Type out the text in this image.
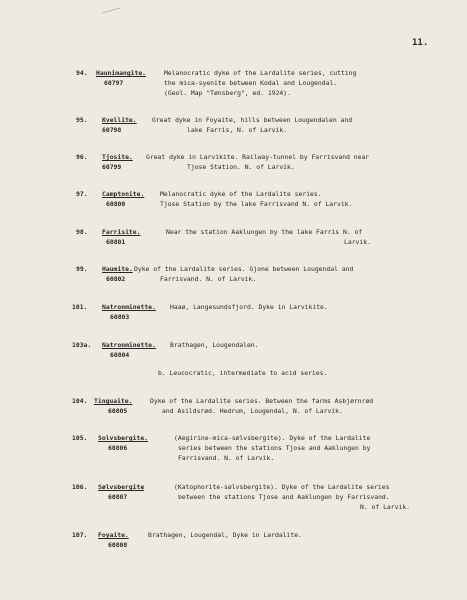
11.
94. Haunimangite.
60797
Melanocratic dyke of the Lardalite series, cutting
the mica-syenite between Kodal and Lougendal.
(Geol. Map "Tønsberg", ed. 1924).
95. Kvellite.
60798
Great dyke in Foyaite, hills between Lougendalen and
lake Farris, N. of Larvik.
96. Tjosite.
60799
Great dyke in Larvikite. Railway-tunnel by Farrisvand near
Tjose Station. N. of Larvik.
97. Camptonite.
60800
Melanocratic dyke of the Lardalite series.
Tjose Station by the lake Farrisvand N. of Larvik.
98. Farrisite.
60801
Near the station Aaklungen by the lake Farris N. of
Larvik.
99. Haumite.
60802
Dyke of the Lardalite series. Gjone between Lougendal and
Farrisvand. N. of Larvik.
101. Natronminette.
60803
Haaø, Langesundsfjord. Dyke in Larvikite.
103a. Natronminette.
60804
Brathagen, Lougendalen.
b. Leucocratic, intermediate to acid series.
104. Tinguaite.
60805
Dyke of the Lardalite series. Between the farms Asbjørnrød
and Asildsrød. Hedrum, Lougendal, N. of Larvik.
105. Solvsbergite.
60806
(Aegirine-mica-sølvsbergite). Dyke of the Lardalite
series between the stations Tjose and Aaklungen by
Farrisvand. N. of Larvik.
106. Sølvsbergite
60807
(Katophorite-sølvsbergite). Dyke of the Lardalite series
between the stations Tjose and Aaklungen by Farrisvand.
N. of Larvik.
107. Foyaite.
60808
Brathagen, Lougendal, Dyke in Lardalite.
